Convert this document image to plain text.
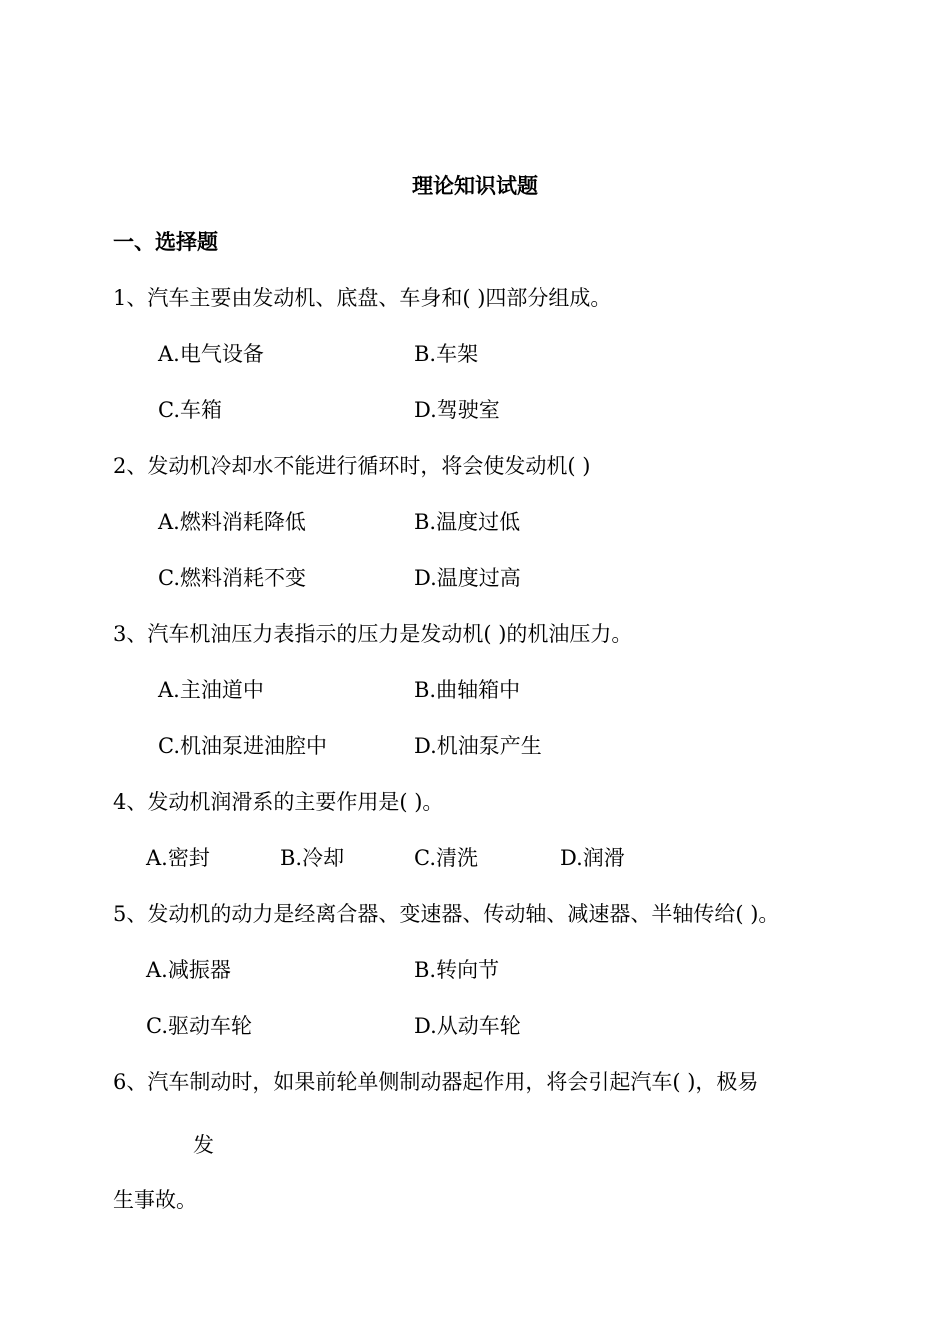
理论知识试题
一、选择题
1、汽车主要由发动机、底盘、车身和( )四部分组成。
A.电气设备	B.车架
C.车箱	D.驾驶室
2、发动机冷却水不能进行循环时，将会使发动机( )
A.燃料消耗降低	B.温度过低
C.燃料消耗不变	D.温度过高
3、汽车机油压力表指示的压力是发动机( )的机油压力。
A.主油道中	B.曲轴箱中
C.机油泵进油腔中	D.机油泵产生
4、发动机润滑系的主要作用是( )。
A.密封	B.冷却	C.清洗	D.润滑
5、发动机的动力是经离合器、变速器、传动轴、减速器、半轴传给( )。
A.减振器	B.转向节
C.驱动车轮	D.从动车轮
6、汽车制动时，如果前轮单侧制动器起作用，将会引起汽车( )，极易
发
生事故。
